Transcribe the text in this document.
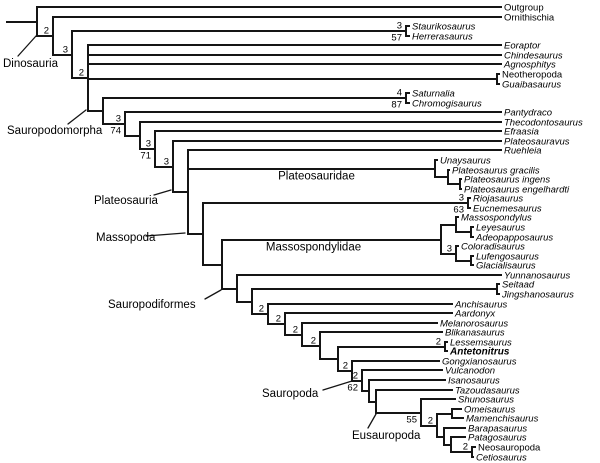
Outgroup
Ornithischia
Staurikosaurus
Herrerasaurus
3
57
Eoraptor
Chindesaurus
Agnosphitys
Neotheropoda
Guaibasaurus
Saturnalia
Chromogisaurus
4
87
Pantydraco
Thecodontosaurus
Efraasia
Plateosauravus
Ruehleia
Unaysaurus
Plateosaurus gracilis
Plateosaurus ingens
Plateosaurus engelhardti
Plateosauridae
Riojasaurus
Eucnemesaurus
3
63
Massospondylus
Leyesaurus
Adeopapposaurus
Coloradisaurus
Lufengosaurus
Glacialisaurus
3
Massospondylidae
Yunnanosaurus
Seitaad
Jingshanosaurus
Anchisaurus
Aardonyx
Melanorosaurus
Blikanasaurus
Lessemsaurus
Antetonitrus
2
Gongxianosaurus
Vulcanodon
Isanosaurus
Tazoudasaurus
Shunosaurus
Omeisaurus
Mamenchisaurus
Barapasaurus
Patagosaurus
Neosauropoda
Cetiosaurus
2
2
55
2
62
2
2
2
2
2
3
3
71
3
74
2
3
2
Dinosauria
Sauropodomorpha
Plateosauria
Massopoda
Sauropodiformes
Sauropoda
Eusauropoda
